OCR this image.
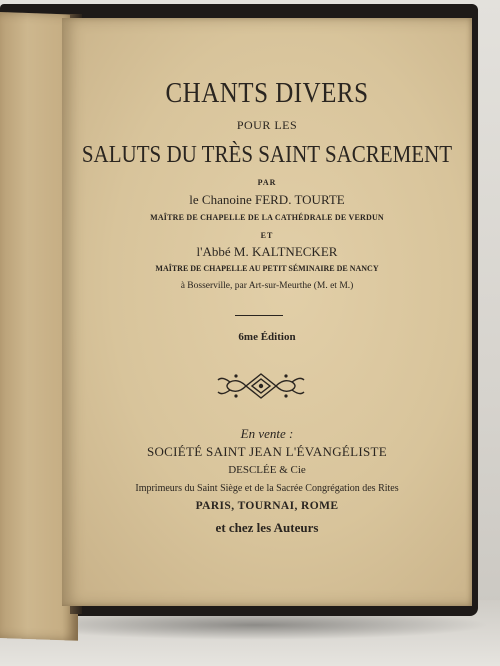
CHANTS DIVERS
POUR LES
SALUTS DU TRÈS SAINT SACREMENT
PAR
le Chanoine FERD. TOURTE
MAÎTRE DE CHAPELLE DE LA CATHÉDRALE DE VERDUN
ET
l'Abbé M. KALTNECKER
MAÎTRE DE CHAPELLE AU PETIT SÉMINAIRE DE NANCY
à Bosserville, par Art-sur-Meurthe (M. et M.)
6me Édition
En vente :
SOCIÉTÉ SAINT JEAN L'ÉVANGÉLISTE
DESCLÉE & Cie
Imprimeurs du Saint Siège et de la Sacrée Congrégation des Rites
PARIS, TOURNAI, ROME
et chez les Auteurs
